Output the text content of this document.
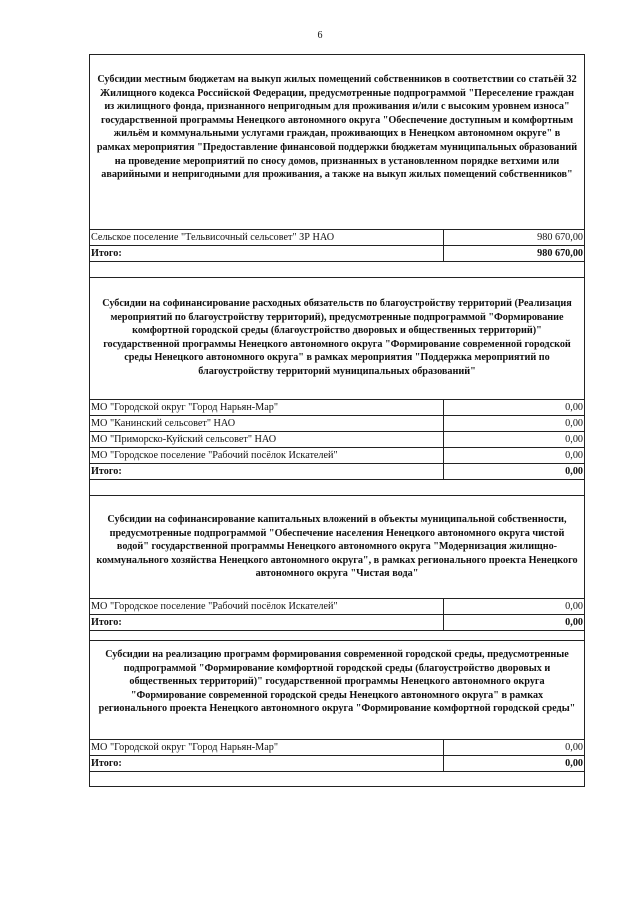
6
Субсидии местным бюджетам на выкуп жилых помещений собственников в соответствии со статьёй 32 Жилищного кодекса Российской Федерации, предусмотренные подпрограммой "Переселение граждан из жилищного фонда, признанного непригодным для проживания и/или с высоким уровнем износа" государственной программы Ненецкого автономного округа "Обеспечение доступным и комфортным жильём и коммунальными услугами граждан, проживающих в Ненецком автономном округе" в рамках мероприятия "Предоставление финансовой поддержки бюджетам муниципальных образований на проведение мероприятий по сносу домов, признанных в установленном порядке ветхими или аварийными и непригодными для проживания, а также на выкуп жилых помещений собственников"
Сельское поселение "Тельвисочный сельсовет" ЗР НАО	980 670,00
Итого:	980 670,00
Субсидии на софинансирование расходных обязательств по благоустройству территорий (Реализация мероприятий по благоустройству территорий), предусмотренные подпрограммой "Формирование комфортной городской среды (благоустройство дворовых и общественных территорий)" государственной программы Ненецкого автономного округа "Формирование современной городской среды Ненецкого автономного округа" в рамках мероприятия "Поддержка мероприятий по благоустройству территорий муниципальных образований"
МО "Городской округ "Город Нарьян-Мар"	0,00
МО "Канинский сельсовет" НАО	0,00
МО "Приморско-Куйский сельсовет" НАО	0,00
МО "Городское поселение "Рабочий посёлок Искателей"	0,00
Итого:	0,00
Субсидии на софинансирование капитальных вложений в объекты муниципальной собственности, предусмотренные подпрограммой "Обеспечение населения Ненецкого автономного округа чистой водой" государственной программы Ненецкого автономного округа "Модернизация жилищно-коммунального хозяйства Ненецкого автономного округа", в рамках регионального проекта Ненецкого автономного округа "Чистая вода"
МО "Городское поселение "Рабочий посёлок Искателей"	0,00
Итого:	0,00
Субсидии на реализацию программ формирования современной городской среды, предусмотренные подпрограммой "Формирование комфортной городской среды (благоустройство дворовых и общественных территорий)" государственной программы Ненецкого автономного округа "Формирование современной городской среды Ненецкого автономного округа" в рамках регионального проекта Ненецкого автономного округа "Формирование комфортной городской среды"
МО "Городской округ "Город Нарьян-Мар"	0,00
Итого:	0,00
